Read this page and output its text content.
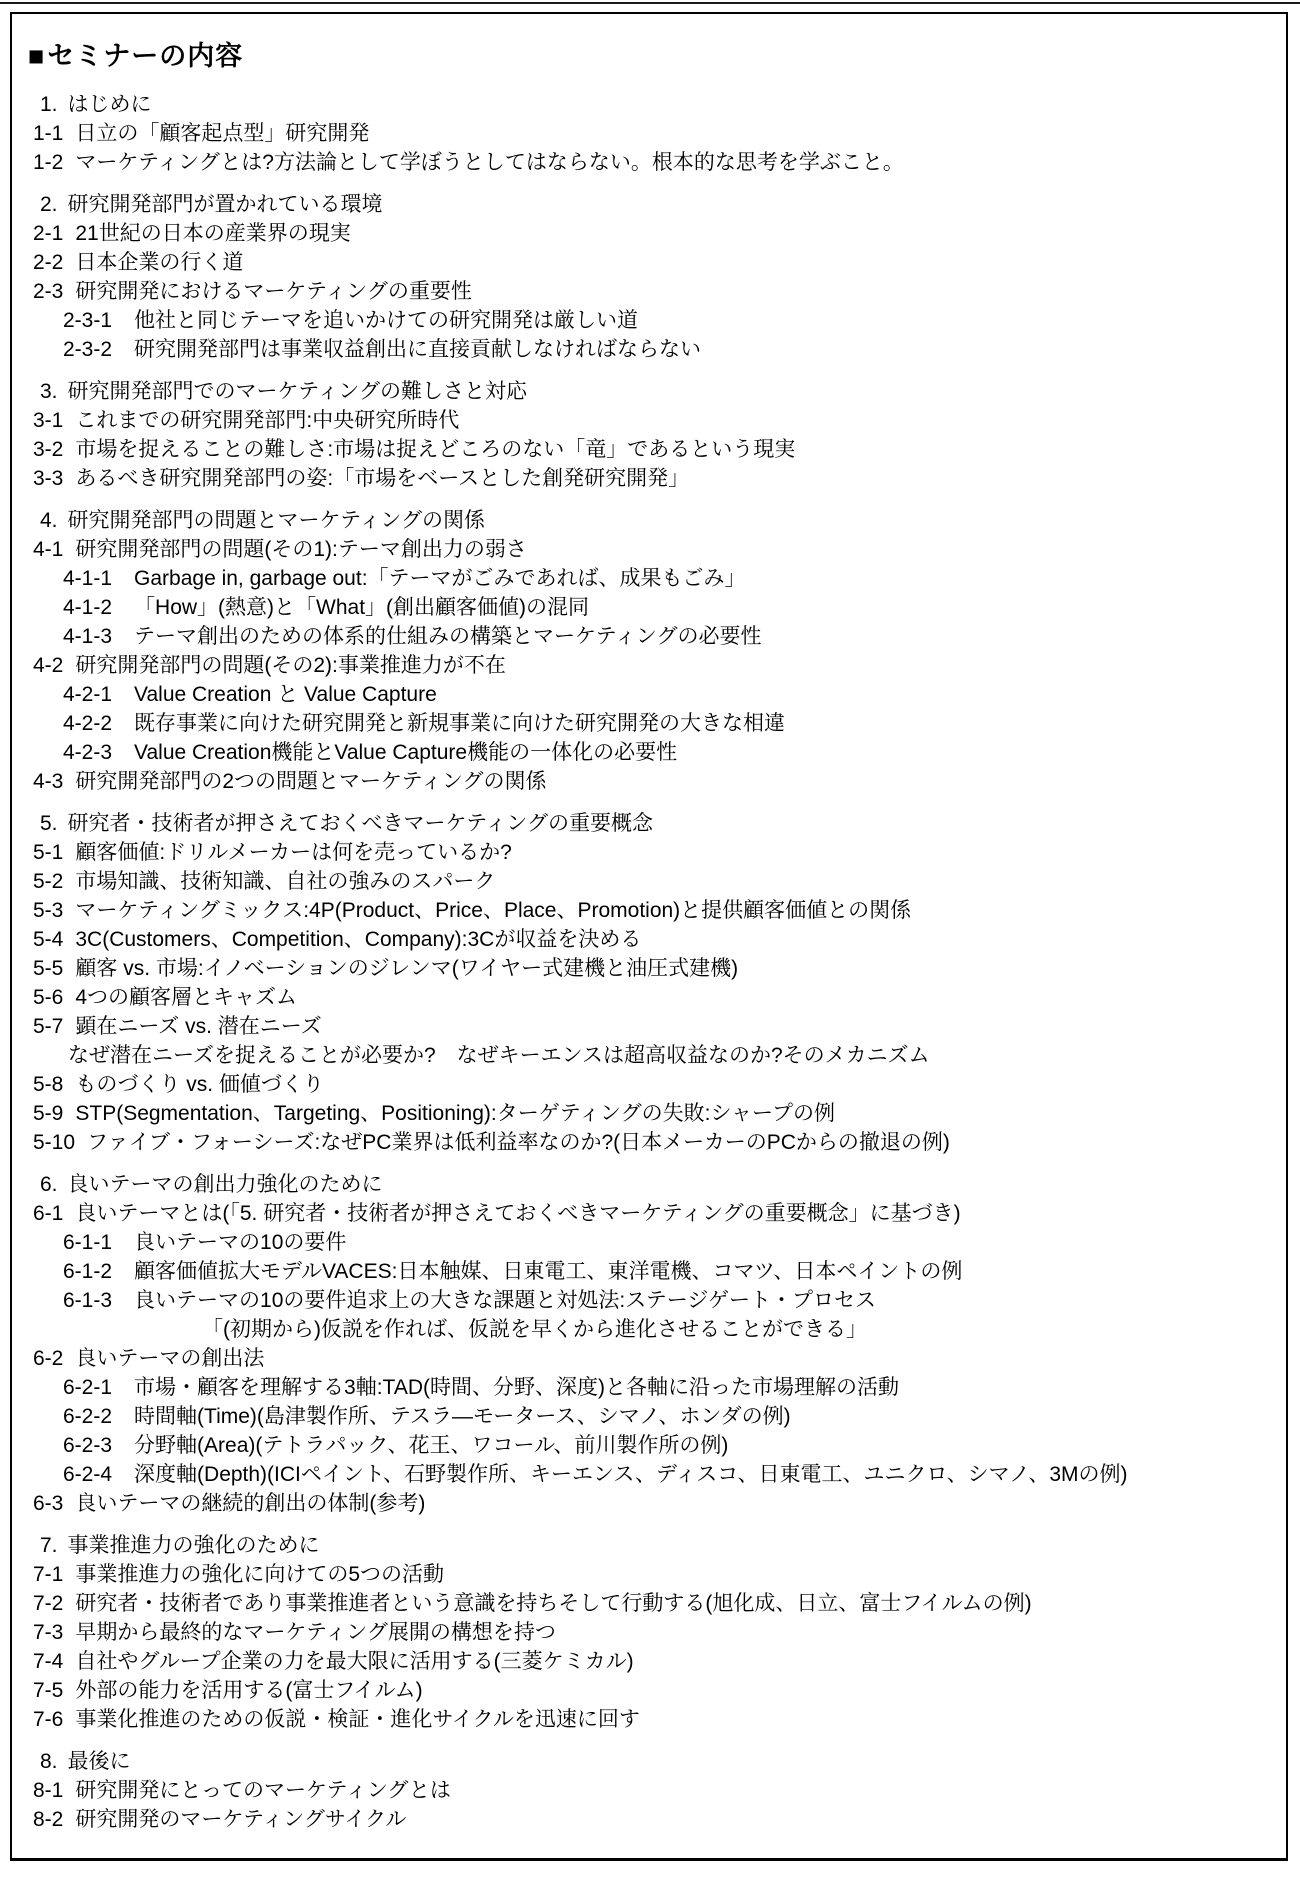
■セミナーの内容
1. はじめに
1-1 日立の「顧客起点型」研究開発
1-2 マーケティングとは?方法論として学ぼうとしてはならない。根本的な思考を学ぶこと。
2. 研究開発部門が置かれている環境
2-1 21世紀の日本の産業界の現実
2-2 日本企業の行く道
2-3 研究開発におけるマーケティングの重要性
2-3-1 他社と同じテーマを追いかけての研究開発は厳しい道
2-3-2 研究開発部門は事業収益創出に直接貢献しなければならない
3. 研究開発部門でのマーケティングの難しさと対応
3-1 これまでの研究開発部門:中央研究所時代
3-2 市場を捉えることの難しさ:市場は捉えどころのない「竜」であるという現実
3-3 あるべき研究開発部門の姿:「市場をベースとした創発研究開発」
4. 研究開発部門の問題とマーケティングの関係
4-1 研究開発部門の問題(その1):テーマ創出力の弱さ
4-1-1 Garbage in, garbage out:「テーマがごみであれば、成果もごみ」
4-1-2 「How」(熱意)と「What」(創出顧客価値)の混同
4-1-3 テーマ創出のための体系的仕組みの構築とマーケティングの必要性
4-2 研究開発部門の問題(その2):事業推進力が不在
4-2-1 Value Creation と Value Capture
4-2-2 既存事業に向けた研究開発と新規事業に向けた研究開発の大きな相違
4-2-3 Value Creation機能とValue Capture機能の一体化の必要性
4-3 研究開発部門の2つの問題とマーケティングの関係
5. 研究者・技術者が押さえておくべきマーケティングの重要概念
5-1 顧客価値:ドリルメーカーは何を売っているか?
5-2 市場知識、技術知識、自社の強みのスパーク
5-3 マーケティングミックス:4P(Product、Price、Place、Promotion)と提供顧客価値との関係
5-4 3C(Customers、Competition、Company):3Cが収益を決める
5-5 顧客 vs. 市場:イノベーションのジレンマ(ワイヤー式建機と油圧式建機)
5-6 4つの顧客層とキャズム
5-7 顕在ニーズ vs. 潜在ニーズ
なぜ潜在ニーズを捉えることが必要か?　なぜキーエンスは超高収益なのか?そのメカニズム
5-8 ものづくり vs. 価値づくり
5-9 STP(Segmentation、Targeting、Positioning):ターゲティングの失敗:シャープの例
5-10 ファイブ・フォーシーズ:なぜPC業界は低利益率なのか?(日本メーカーのPCからの撤退の例)
6. 良いテーマの創出力強化のために
6-1 良いテーマとは(「5. 研究者・技術者が押さえておくべきマーケティングの重要概念」に基づき)
6-1-1 良いテーマの10の要件
6-1-2 顧客価値拡大モデルVACES:日本触媒、日東電工、東洋電機、コマツ、日本ペイントの例
6-1-3 良いテーマの10の要件追求上の大きな課題と対処法:ステージゲート・プロセス
「(初期から)仮説を作れば、仮説を早くから進化させることができる」
6-2 良いテーマの創出法
6-2-1 市場・顧客を理解する3軸:TAD(時間、分野、深度)と各軸に沿った市場理解の活動
6-2-2 時間軸(Time)(島津製作所、テスラ—モータース、シマノ、ホンダの例)
6-2-3 分野軸(Area)(テトラパック、花王、ワコール、前川製作所の例)
6-2-4 深度軸(Depth)(ICIペイント、石野製作所、キーエンス、ディスコ、日東電工、ユニクロ、シマノ、3Mの例)
6-3 良いテーマの継続的創出の体制(参考)
7. 事業推進力の強化のために
7-1 事業推進力の強化に向けての5つの活動
7-2 研究者・技術者であり事業推進者という意識を持ちそして行動する(旭化成、日立、富士フイルムの例)
7-3 早期から最終的なマーケティング展開の構想を持つ
7-4 自社やグループ企業の力を最大限に活用する(三菱ケミカル)
7-5 外部の能力を活用する(富士フイルム)
7-6 事業化推進のための仮説・検証・進化サイクルを迅速に回す
8. 最後に
8-1 研究開発にとってのマーケティングとは
8-2 研究開発のマーケティングサイクル
